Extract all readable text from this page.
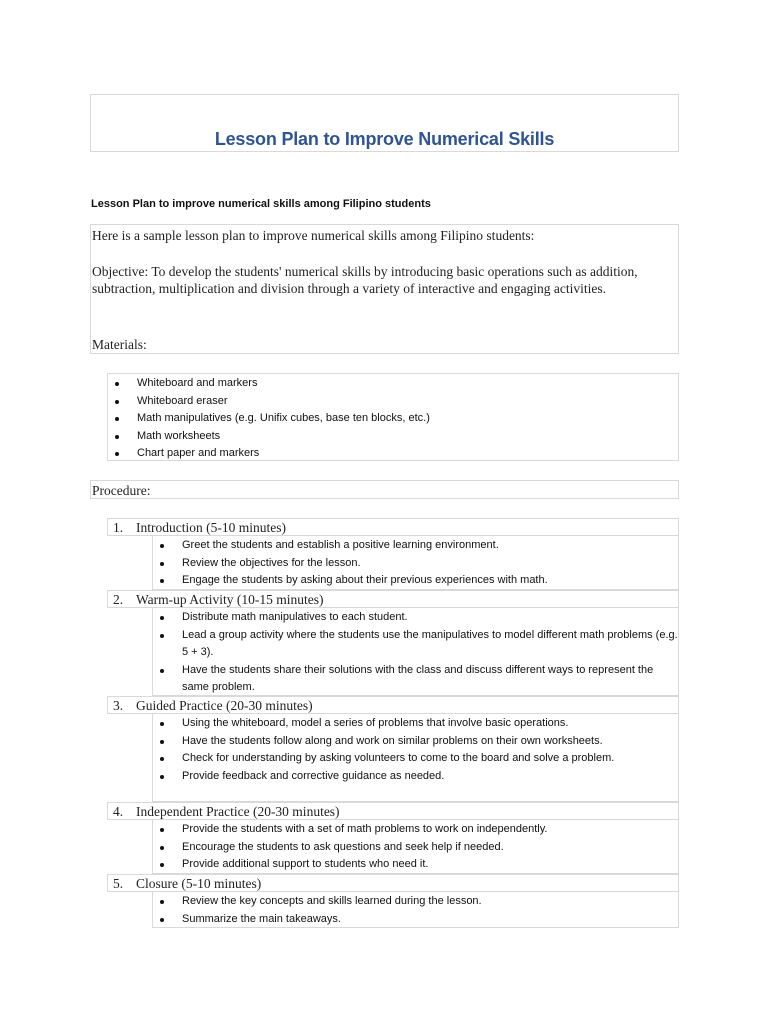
Lesson Plan to Improve Numerical Skills
Lesson Plan to improve numerical skills among Filipino students

Here is a sample lesson plan to improve numerical skills among Filipino students:

Objective: To develop the students' numerical skills by introducing basic operations such as addition, subtraction, multiplication and division through a variety of interactive and engaging activities.

Materials:

Whiteboard and markers
Whiteboard eraser
Math manipulatives (e.g. Unifix cubes, base ten blocks, etc.)
Math worksheets
Chart paper and markers
Procedure:
1. Introduction (5-10 minutes)
Greet the students and establish a positive learning environment.
Review the objectives for the lesson.
Engage the students by asking about their previous experiences with math.
2. Warm-up Activity (10-15 minutes)
Distribute math manipulatives to each student.
Lead a group activity where the students use the manipulatives to model different math problems (e.g. 5 + 3).
Have the students share their solutions with the class and discuss different ways to represent the same problem.
3. Guided Practice (20-30 minutes)
Using the whiteboard, model a series of problems that involve basic operations.
Have the students follow along and work on similar problems on their own worksheets.
Check for understanding by asking volunteers to come to the board and solve a problem.
Provide feedback and corrective guidance as needed.
4. Independent Practice (20-30 minutes)
Provide the students with a set of math problems to work on independently.
Encourage the students to ask questions and seek help if needed.
Provide additional support to students who need it.
5. Closure (5-10 minutes)
Review the key concepts and skills learned during the lesson.
Summarize the main takeaways.
